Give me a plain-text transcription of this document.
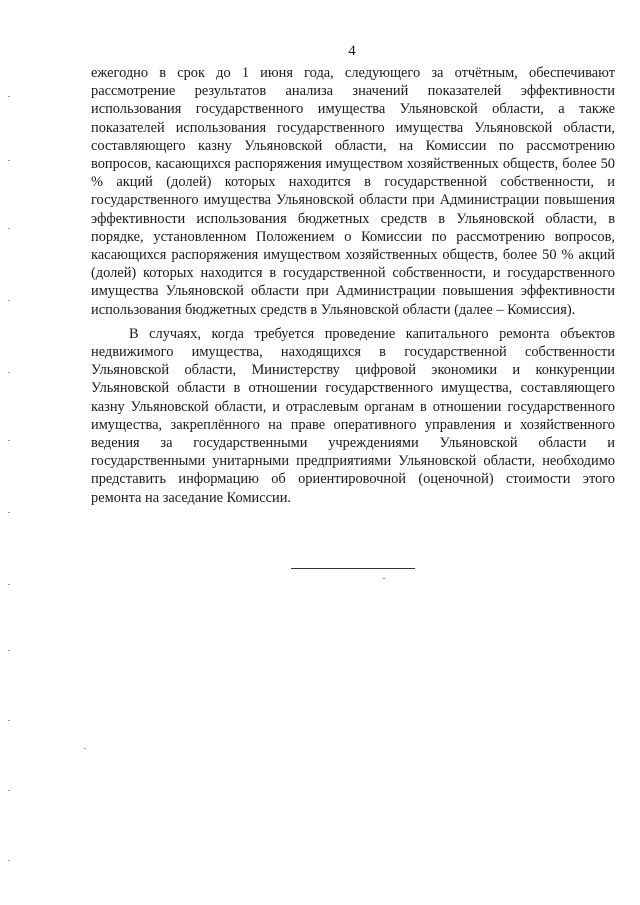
4

ежегодно в срок до 1 июня года, следующего за отчётным, обеспечивают рассмотрение результатов анализа значений показателей эффективности использования государственного имущества Ульяновской области, а также показателей использования государственного имущества Ульяновской области, составляющего казну Ульяновской области, на Комиссии по рассмотрению вопросов, касающихся распоряжения имуществом хозяйственных обществ, более 50 % акций (долей) которых находится в государственной собственности, и государственного имущества Ульяновской области при Администрации повышения эффективности использования бюджетных средств в Ульяновской области, в порядке, установленном Положением о Комиссии по рассмотрению вопросов, касающихся распоряжения имуществом хозяйственных обществ, более 50 % акций (долей) которых находится в государственной собственности, и государственного имущества Ульяновской области при Администрации повышения эффективности использования бюджетных средств в Ульяновской области (далее – Комиссия).

В случаях, когда требуется проведение капитального ремонта объектов недвижимого имущества, находящихся в государственной собственности Ульяновской области, Министерству цифровой экономики и конкуренции Ульяновской области в отношении государственного имущества, составляющего казну Ульяновской области, и отраслевым органам в отношении государственного имущества, закреплённого на праве оперативного управления и хозяйственного ведения за государственными учреждениями Ульяновской области и государственными унитарными предприятиями Ульяновской области, необходимо представить информацию об ориентировочной (оценочной) стоимости этого ремонта на заседание Комиссии.
